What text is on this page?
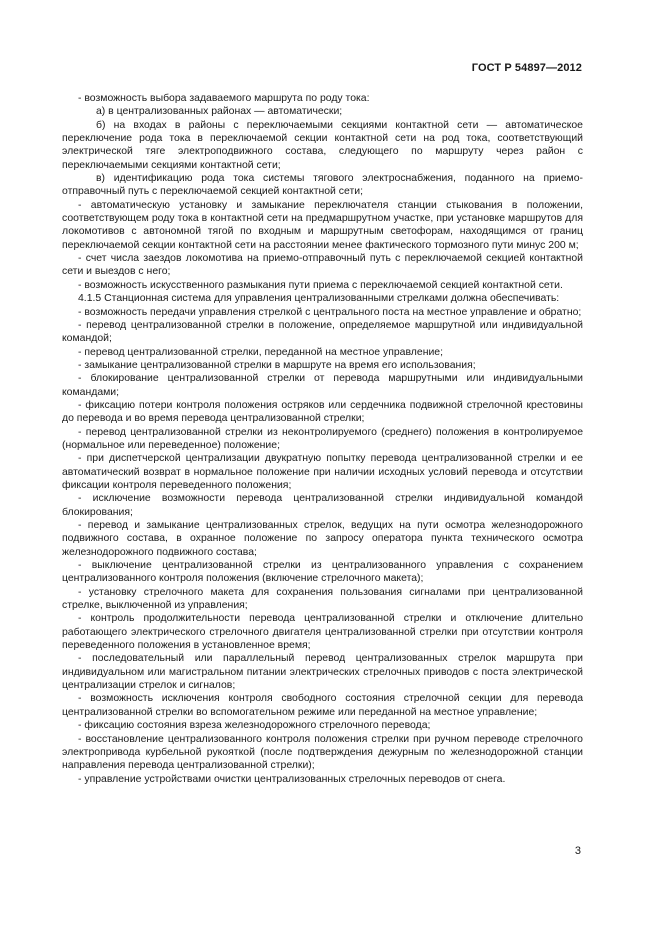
ГОСТ Р 54897—2012

- возможность выбора задаваемого маршрута по роду тока:

а) в централизованных районах — автоматически;

б) на входах в районы с переключаемыми секциями контактной сети — автоматическое переключение рода тока в переключаемой секции контактной сети на род тока, соответствующий электрической тяге электроподвижного состава, следующего по маршруту через район с переключаемыми секциями контактной сети;

в) идентификацию рода тока системы тягового электроснабжения, поданного на приемо-отправочный путь с переключаемой секцией контактной сети;

- автоматическую установку и замыкание переключателя станции стыкования в положении, соответствующем роду тока в контактной сети на предмаршрутном участке, при установке маршрутов для локомотивов с автономной тягой по входным и маршрутным светофорам, находящимся от границ переключаемой секции контактной сети на расстоянии менее фактического тормозного пути минус 200 м;

- счет числа заездов локомотива на приемо-отправочный путь с переключаемой секцией контактной сети и выездов с него;

- возможность искусственного размыкания пути приема с переключаемой секцией контактной сети.

4.1.5 Станционная система для управления централизованными стрелками должна обеспечивать:

- возможность передачи управления стрелкой с центрального поста на местное управление и обратно;

- перевод централизованной стрелки в положение, определяемое маршрутной или индивидуальной командой;

- перевод централизованной стрелки, переданной на местное управление;

- замыкание централизованной стрелки в маршруте на время его использования;

- блокирование централизованной стрелки от перевода маршрутными или индивидуальными командами;

- фиксацию потери контроля положения остряков или сердечника подвижной стрелочной крестовины до перевода и во время перевода централизованной стрелки;

- перевод централизованной стрелки из неконтролируемого (среднего) положения в контролируемое (нормальное или переведенное) положение;

- при диспетчерской централизации двукратную попытку перевода централизованной стрелки и ее автоматический возврат в нормальное положение при наличии исходных условий перевода и отсутствии фиксации контроля переведенного положения;

- исключение возможности перевода централизованной стрелки индивидуальной командой блокирования;

- перевод и замыкание централизованных стрелок, ведущих на пути осмотра железнодорожного подвижного состава, в охранное положение по запросу оператора пункта технического осмотра железнодорожного подвижного состава;

- выключение централизованной стрелки из централизованного управления с сохранением централизованного контроля положения (включение стрелочного макета);

- установку стрелочного макета для сохранения пользования сигналами при централизованной стрелке, выключенной из управления;

- контроль продолжительности перевода централизованной стрелки и отключение длительно работающего электрического стрелочного двигателя централизованной стрелки при отсутствии контроля переведенного положения в установленное время;

- последовательный или параллельный перевод централизованных стрелок маршрута при индивидуальном или магистральном питании электрических стрелочных приводов с поста электрической централизации стрелок и сигналов;

- возможность исключения контроля свободного состояния стрелочной секции для перевода централизованной стрелки во вспомогательном режиме или переданной на местное управление;

- фиксацию состояния взреза железнодорожного стрелочного перевода;

- восстановление централизованного контроля положения стрелки при ручном переводе стрелочного электропривода курбельной рукояткой (после подтверждения дежурным по железнодорожной станции направления перевода централизованной стрелки);

- управление устройствами очистки централизованных стрелочных переводов от снега.

3
